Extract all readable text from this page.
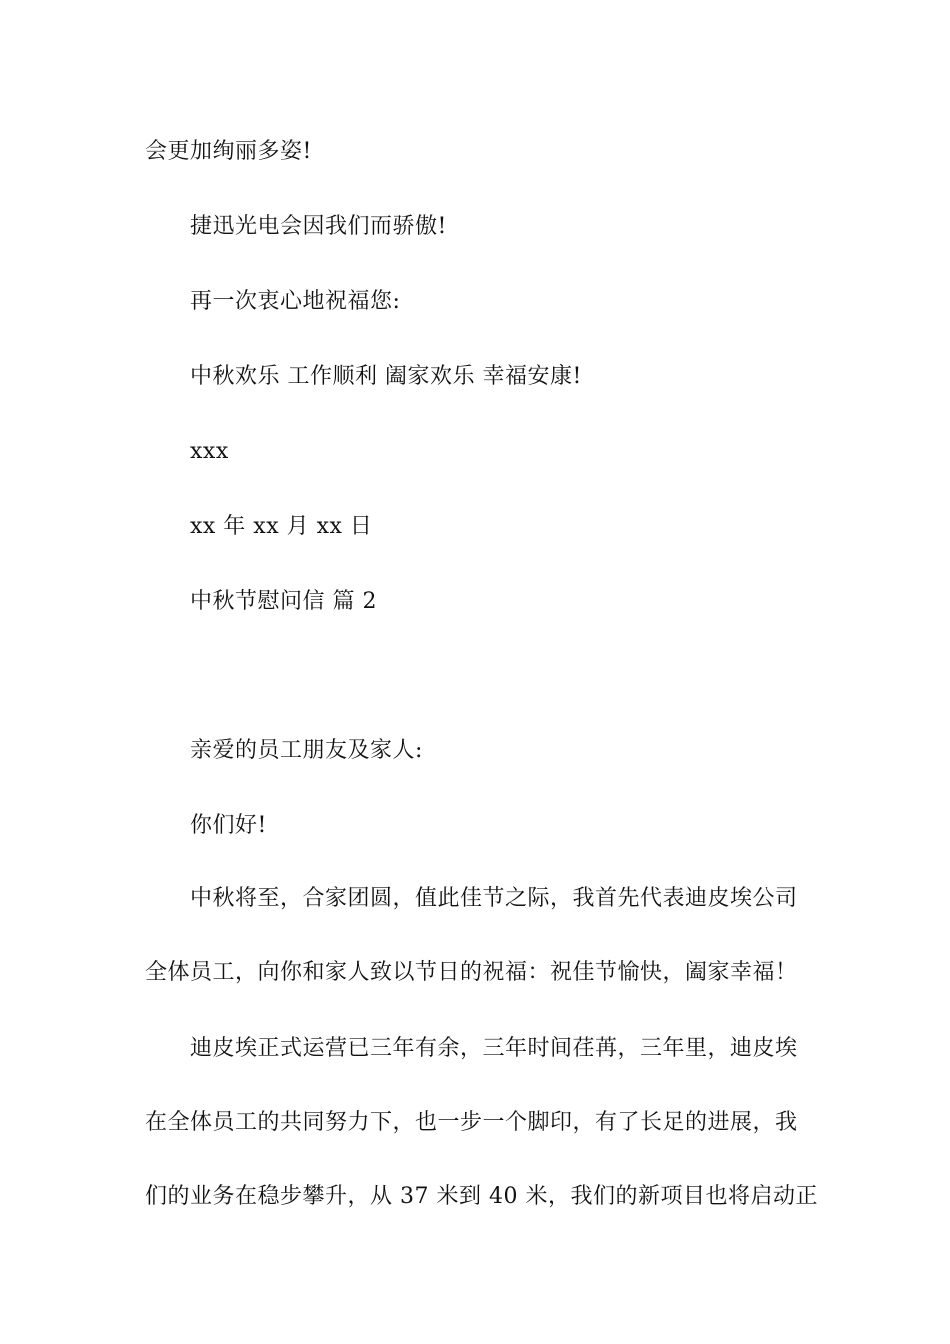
会更加绚丽多姿!
捷迅光电会因我们而骄傲!
再一次衷心地祝福您:
中秋欢乐 工作顺利 阖家欢乐 幸福安康!
xxx
xx 年 xx 月 xx 日
中秋节慰问信 篇 2
亲爱的员工朋友及家人:
你们好!
中秋将至，合家团圆，值此佳节之际，我首先代表迪皮埃公司
全体员工，向你和家人致以节日的祝福：祝佳节愉快，阖家幸福！
迪皮埃正式运营已三年有余，三年时间荏苒，三年里，迪皮埃
在全体员工的共同努力下，也一步一个脚印，有了长足的进展，我
们的业务在稳步攀升，从 37 米到 40 米，我们的新项目也将启动正
